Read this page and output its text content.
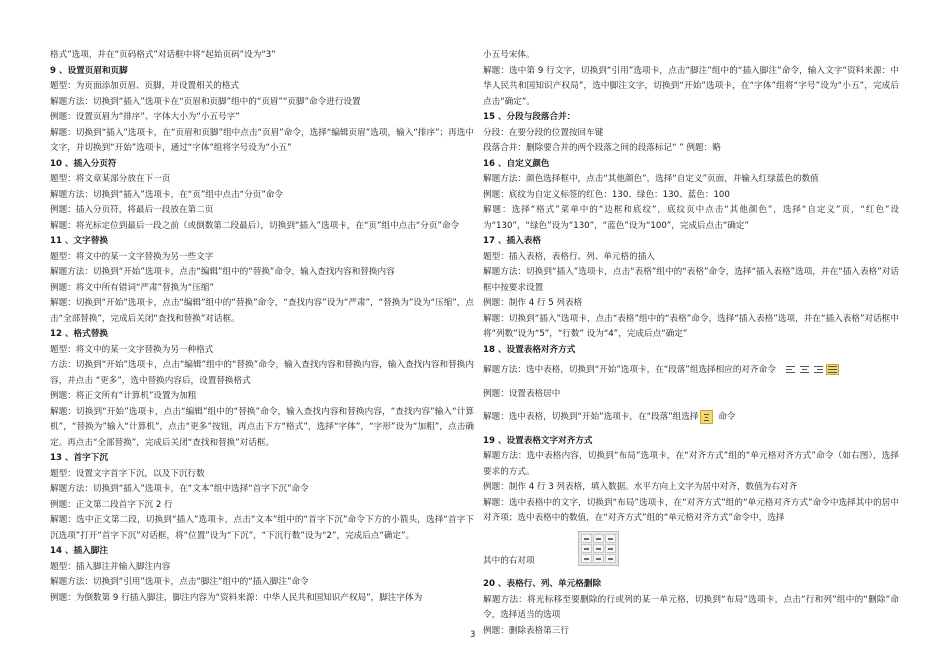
格式”选项，并在“页码格式”对话框中将“起始页码”设为“3”

9 、设置页眉和页脚

题型：为页面添加页眉、页脚，并设置相关的格式

解题方法：切换到“插入”选项卡在“页眉和页脚”组中的“页眉”“页脚”命令进行设置

例题：设置页眉为“排序”、字体大小为“小五号字”

解题：切换到“插入”选项卡，在“页眉和页脚”组中点击“页眉”命令，选择“编辑页眉”选项，输入“排序”；再选中文字，并切换到“开始”选项卡，通过“字体”组将字号设为“小五”

10 、插入分页符

题型：将文章某部分放在下一页

解题方法：切换到“插入”选项卡，在“页”组中点击“分页”命令

例题：插入分页符，将最后一段放在第二页

解题：将光标定位到最后一段之前（或倒数第二段最后），切换到“插入”选项卡，在“页”组中点击“分页”命令

11 、文字替换

题型：将文中的某一文字替换为另一些文字

解题方法：切换到“开始”选项卡，点击“编辑”组中的“替换”命令，输入查找内容和替换内容

例题：将文中所有错词“严肃”替换为“压缩”

解题：切换到“开始”选项卡，点击“编辑”组中的“替换”命令，“查找内容”设为“严肃”，“替换为”设为“压缩”，点击“全部替换”，完成后关闭“查找和替换”对话框。

12 、格式替换

题型：将文中的某一文字替换为另一种格式

方法：切换到“开始”选项卡，点击“编辑”组中的“替换”命令，输入查找内容和替换内容，输入查找内容和替换内容，并点击 “更多”，选中替换内容后，设置替换格式

例题：将正文所有“计算机”设置为加粗

解题：切换到“开始”选项卡，点击“编辑”组中的“替换”命令，输入查找内容和替换内容，“查找内容”输入“计算机”，“替换为”输入“计算机”，点击“更多”按钮，再点击下方“格式”，选择“字体”，“字形”设为“加粗”，点击确定。再点击“全部替换”，完成后关闭“查找和替换”对话框。

13 、首字下沉

题型：设置文字首字下沉，以及下沉行数

解题方法：切换到“插入”选项卡，在“文本”组中选择“首字下沉”命令

例题：正文第二段首字下沉 2 行

解题：选中正文第二段，切换到“插入”选项卡，点击“文本”组中的“首字下沉”命令下方的小箭头，选择“首字下沉选项”打开“首字下沉”对话框，将“位置”设为“下沉”，“下沉行数”设为“2”，完成后点“确定”。

14 、插入脚注

题型：插入脚注并输入脚注内容

解题方法：切换到“引用”选项卡，点击“脚注”组中的“插入脚注”命令

例题：为倒数第 9 行插入脚注，脚注内容为“资料来源：中华人民共和国知识产权局”，脚注字体为

小五号宋体。

解题：选中第 9 行文字，切换到“引用”选项卡，点击“脚注”组中的“插入脚注”命令，输入文字“资料来源：中华人民共和国知识产权局”，选中脚注文字，切换到“开始”选项卡，在“字体”组将“字号”设为“小五”，完成后点击“确定”。

15 、分段与段落合并：

分段：在要分段的位置按回车键

段落合并：删除要合并的两个段落之间的段落标记“ ” 例题：略

16 、自定义颜色

解题方法：颜色选择框中，点击“其他颜色”，选择“自定义”页面，并输入红绿蓝色的数值

例题：底纹为自定义标签的红色：130、绿色：130、蓝色：100

解题：选择“格式”菜单中的“边框和底纹”，底纹页中点击“其他颜色”，选择“自定义”页，“红色”设为“130”，“绿色”设为“130”，“蓝色”设为“100”，完成后点击“确定”

17 、插入表格

题型：插入表格，表格行、列、单元格的插入

解题方法：切换到“插入”选项卡，点击“表格”组中的“表格”命令，选择“插入表格”选项，并在“插入表格”对话框中按要求设置

例题：制作 4 行 5 列表格

解题：切换到“插入”选项卡，点击“表格”组中的“表格”命令，选择“插入表格”选项，并在“插入表格”对话框中将“列数”设为“5”，“行数” 设为“4”，完成后点“确定”

18 、设置表格对齐方式

解题方法：选中表格，切换到“开始”选项卡，在“段落”组选择相应的对齐命令

例题：设置表格居中

解题：选中表格，切换到“开始”选项卡，在“段落”组选择 命令

19 、设置表格文字对齐方式

解题方法：选中表格内容，切换到“布局”选项卡，在“对齐方式”组的“单元格对齐方式”命令（如右图），选择要求的方式。

例题：制作 4 行 3 列表格，填入数据。水平方向上文字为居中对齐，数值为右对齐

解题：选中表格中的文字，切换到“布局”选项卡，在“对齐方式”组的“单元格对齐方式”命令中选择其中的居中对齐项；选中表格中的数值，在“对齐方式”组的“单元格对齐方式”命令中，选择

其中的右对项

20 、表格行、列、单元格删除

解题方法：将光标移至要删除的行或列的某一单元格，切换到“布局”选项卡，点击“行和列”组中的“删除”命令，选择适当的选项

例题：删除表格第三行

3
